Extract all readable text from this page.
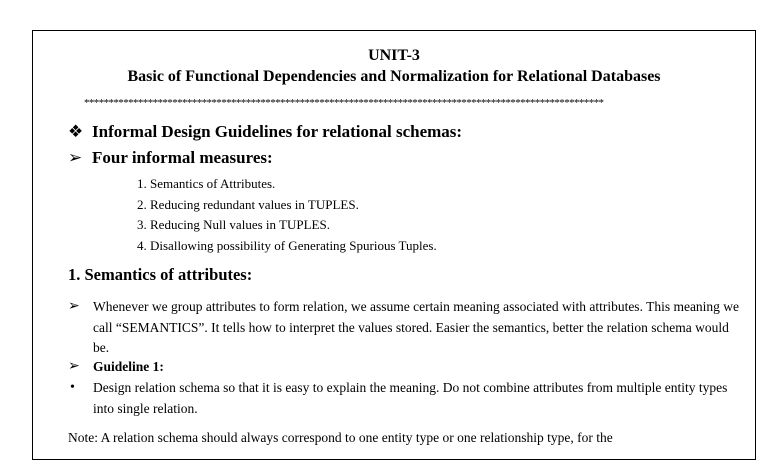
UNIT-3
Basic of Functional Dependencies and Normalization for Relational Databases
**********************************************************************************************************
❖ Informal Design Guidelines for relational schemas:
➢ Four informal measures:
1. Semantics of Attributes.
2. Reducing redundant values in TUPLES.
3. Reducing Null values in TUPLES.
4. Disallowing possibility of Generating Spurious Tuples.
1. Semantics of attributes:
➢ Whenever we group attributes to form relation, we assume certain meaning associated with attributes. This meaning we call “SEMANTICS”. It tells how to interpret the values stored. Easier the semantics, better the relation schema would be.
➢ Guideline 1:
• Design relation schema so that it is easy to explain the meaning. Do not combine attributes from multiple entity types into single relation.
Note: A relation schema should always correspond to one entity type or one relationship type, for the
